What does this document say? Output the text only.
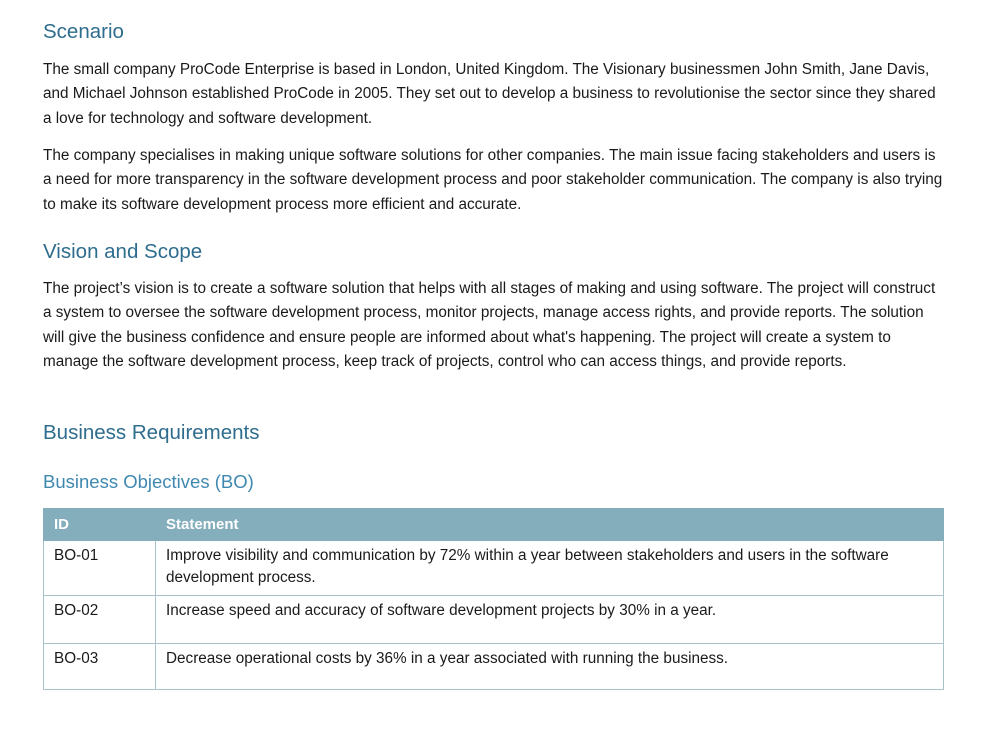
Scenario

The small company ProCode Enterprise is based in London, United Kingdom. The Visionary businessmen John Smith, Jane Davis, and Michael Johnson established ProCode in 2005. They set out to develop a business to revolutionise the sector since they shared a love for technology and software development.

The company specialises in making unique software solutions for other companies. The main issue facing stakeholders and users is a need for more transparency in the software development process and poor stakeholder communication. The company is also trying to make its software development process more efficient and accurate.

Vision and Scope

The project’s vision is to create a software solution that helps with all stages of making and using software. The project will construct a system to oversee the software development process, monitor projects, manage access rights, and provide reports. The solution will give the business confidence and ensure people are informed about what's happening. The project will create a system to manage the software development process, keep track of projects, control who can access things, and provide reports.

Business Requirements
Business Objectives (BO)
ID	Statement
BO-01	Improve visibility and communication by 72% within a year between stakeholders and users in the software development process.
BO-02	Increase speed and accuracy of software development projects by 30% in a year.
BO-03	Decrease operational costs by 36% in a year associated with running the business.
